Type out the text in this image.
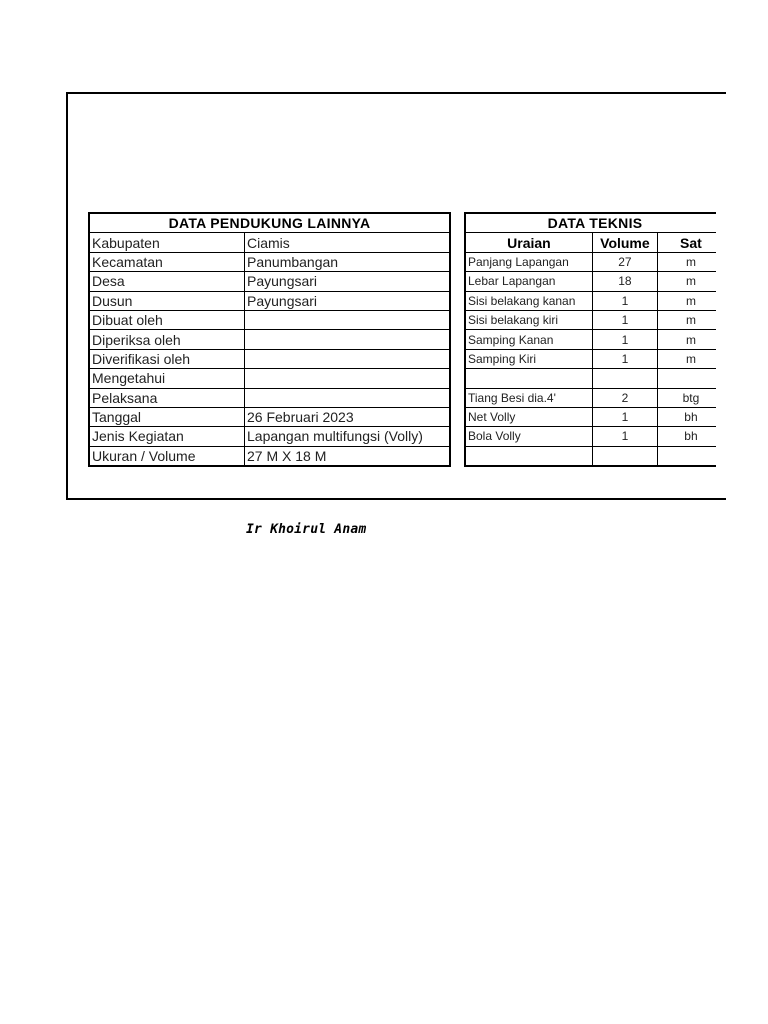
DATA PENDUKUNG LAINNYA	
Kabupaten	Ciamis
Kecamatan	Panumbangan
Desa	Payungsari
Dusun	Payungsari
Dibuat oleh	
Diperiksa oleh	
Diverifikasi oleh	
Mengetahui	
Pelaksana	
Tanggal	26 Februari 2023
Jenis Kegiatan	Lapangan multifungsi (Volly)
Ukuran / Volume	27 M X 18 M
DATA TEKNIS		
Uraian	Volume	Sat
Panjang Lapangan	27	m
Lebar Lapangan	18	m
Sisi belakang kanan	1	m
Sisi belakang kiri	1	m
Samping Kanan	1	m
Samping Kiri	1	m

Tiang Besi dia.4'	2	btg
Net Volly	1	bh
Bola Volly	1	bh

Ir Khoirul Anam
